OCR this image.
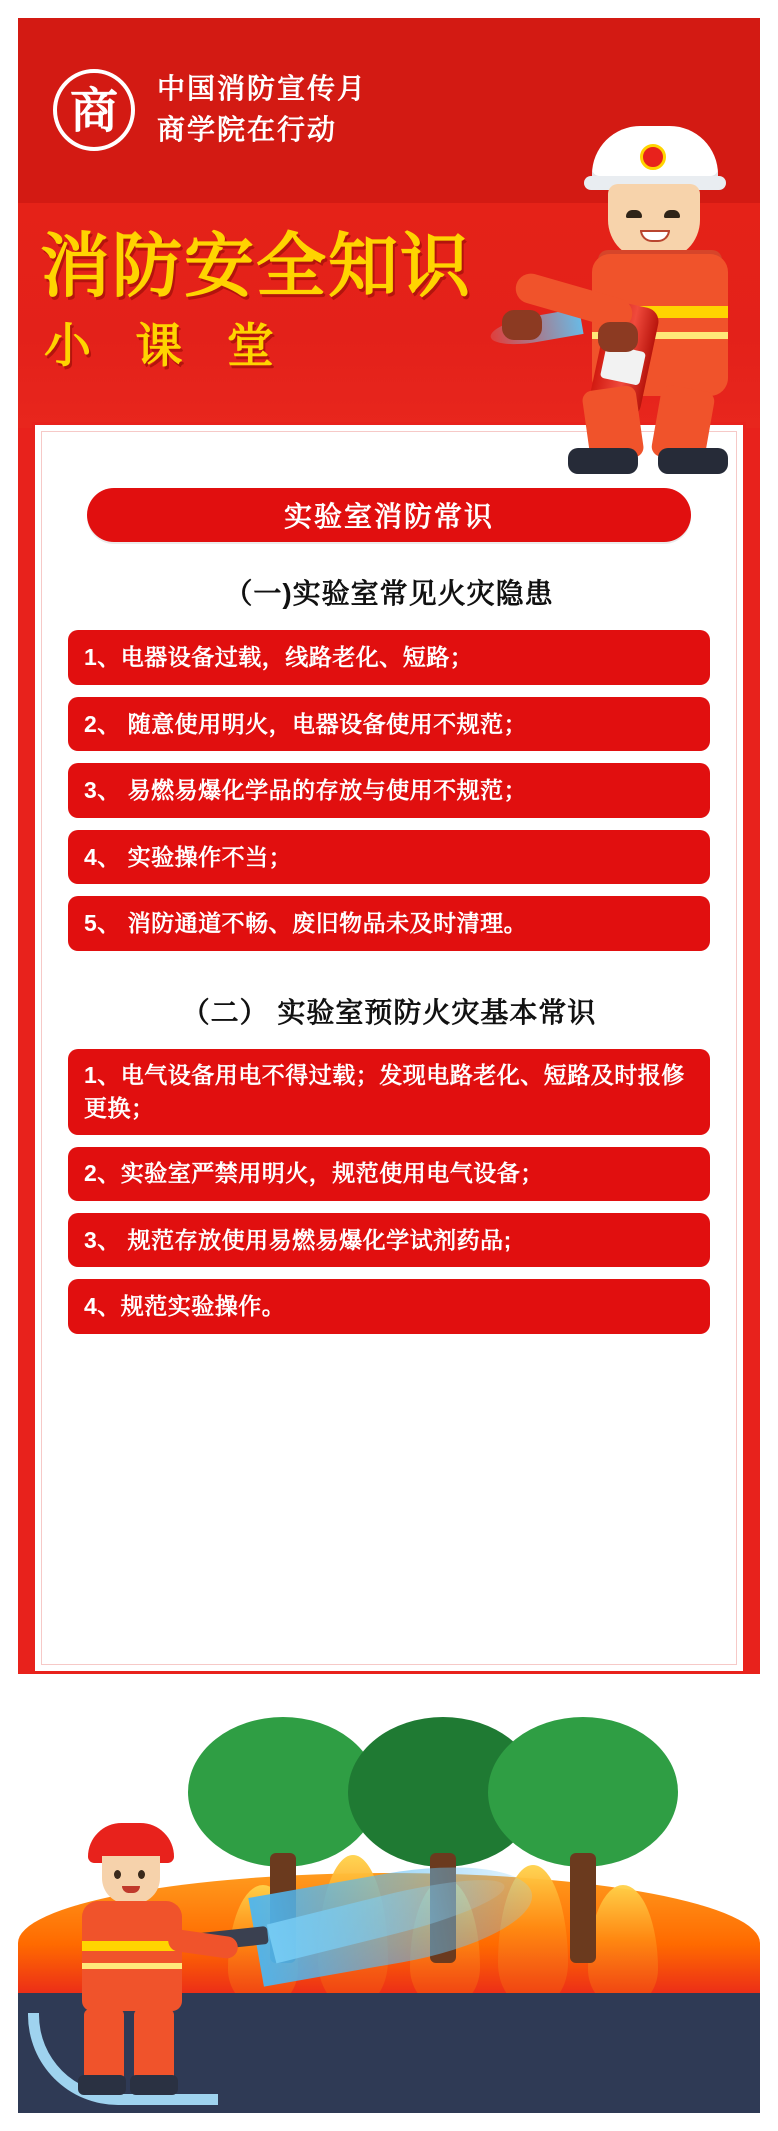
商 中国消防宣传月
商学院在行动
消防安全知识
小 课 堂
实验室消防常识
（一)实验室常见火灾隐患
1、电器设备过载，线路老化、短路；
2、 随意使用明火，电器设备使用不规范；
3、 易燃易爆化学品的存放与使用不规范；
4、 实验操作不当；
5、 消防通道不畅、废旧物品未及时清理。
（二） 实验室预防火灾基本常识
1、电气设备用电不得过载；发现电路老化、短路及时报修更换；
2、实验室严禁用明火，规范使用电气设备；
3、 规范存放使用易燃易爆化学试剂药品;
4、规范实验操作。
